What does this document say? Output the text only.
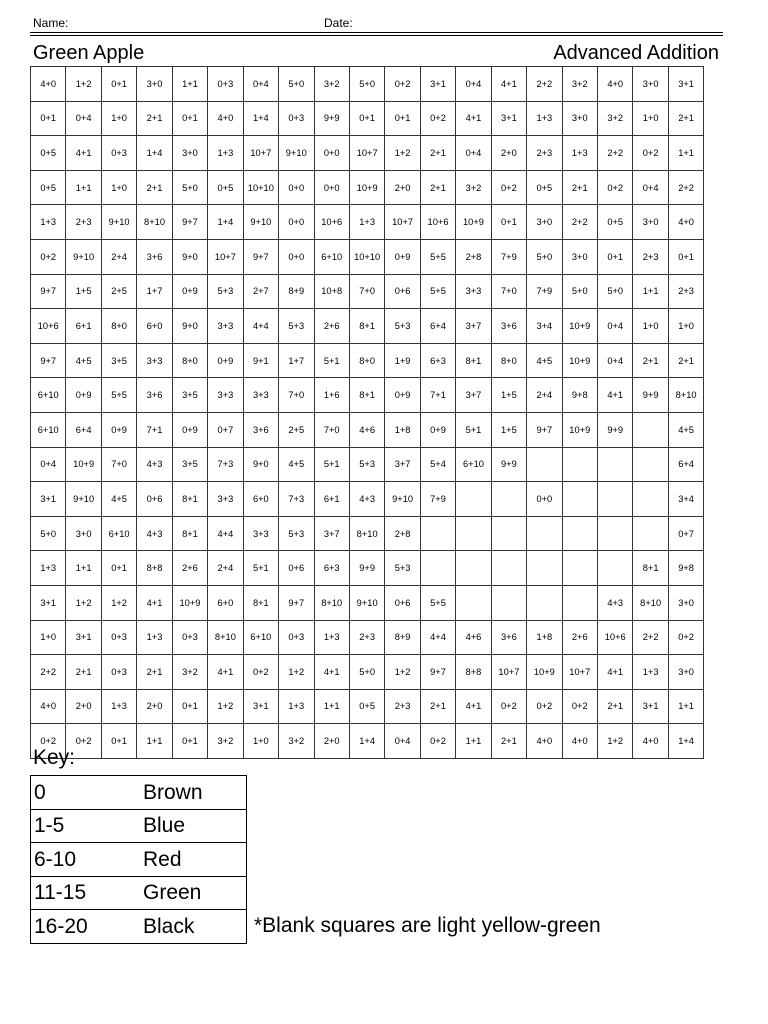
Name:	Date:
Green Apple	Advanced Addition
4+0	1+2	0+1	3+0	1+1	0+3	0+4	5+0	3+2	5+0	0+2	3+1	0+4	4+1	2+2	3+2	4+0	3+0	3+1
0+1	0+4	1+0	2+1	0+1	4+0	1+4	0+3	9+9	0+1	0+1	0+2	4+1	3+1	1+3	3+0	3+2	1+0	2+1
0+5	4+1	0+3	1+4	3+0	1+3	10+7	9+10	0+0	10+7	1+2	2+1	0+4	2+0	2+3	1+3	2+2	0+2	1+1
0+5	1+1	1+0	2+1	5+0	0+5	10+10	0+0	0+0	10+9	2+0	2+1	3+2	0+2	0+5	2+1	0+2	0+4	2+2
1+3	2+3	9+10	8+10	9+7	1+4	9+10	0+0	10+6	1+3	10+7	10+6	10+9	0+1	3+0	2+2	0+5	3+0	4+0
0+2	9+10	2+4	3+6	9+0	10+7	9+7	0+0	6+10	10+10	0+9	5+5	2+8	7+9	5+0	3+0	0+1	2+3	0+1
9+7	1+5	2+5	1+7	0+9	5+3	2+7	8+9	10+8	7+0	0+6	5+5	3+3	7+0	7+9	5+0	5+0	1+1	2+3
10+6	6+1	8+0	6+0	9+0	3+3	4+4	5+3	2+6	8+1	5+3	6+4	3+7	3+6	3+4	10+9	0+4	1+0	1+0
9+7	4+5	3+5	3+3	8+0	0+9	9+1	1+7	5+1	8+0	1+9	6+3	8+1	8+0	4+5	10+9	0+4	2+1	2+1
6+10	0+9	5+5	3+6	3+5	3+3	3+3	7+0	1+6	8+1	0+9	7+1	3+7	1+5	2+4	9+8	4+1	9+9	8+10
6+10	6+4	0+9	7+1	0+9	0+7	3+6	2+5	7+0	4+6	1+8	0+9	5+1	1+5	9+7	10+9	9+9		4+5
0+4	10+9	7+0	4+3	3+5	7+3	9+0	4+5	5+1	5+3	3+7	5+4	6+10	9+9					6+4
3+1	9+10	4+5	0+6	8+1	3+3	6+0	7+3	6+1	4+3	9+10	7+9			0+0				3+4
5+0	3+0	6+10	4+3	8+1	4+4	3+3	5+3	3+7	8+10	2+8								0+7
1+3	1+1	0+1	8+8	2+6	2+4	5+1	0+6	6+3	9+9	5+3							8+1	9+8
3+1	1+2	1+2	4+1	10+9	6+0	8+1	9+7	8+10	9+10	0+6	5+5					4+3	8+10	3+0
1+0	3+1	0+3	1+3	0+3	8+10	6+10	0+3	1+3	2+3	8+9	4+4	4+6	3+6	1+8	2+6	10+6	2+2	0+2
2+2	2+1	0+3	2+1	3+2	4+1	0+2	1+2	4+1	5+0	1+2	9+7	8+8	10+7	10+9	10+7	4+1	1+3	3+0
4+0	2+0	1+3	2+0	0+1	1+2	3+1	1+3	1+1	0+5	2+3	2+1	4+1	0+2	0+2	0+2	2+1	3+1	1+1
0+2	0+2	0+1	1+1	0+1	3+2	1+0	3+2	2+0	1+4	0+4	0+2	1+1	2+1	4+0	4+0	1+2	4+0	1+4
Key:
0	Brown
1-5	Blue
6-10	Red
11-15	Green
16-20	Black	*Blank squares are light yellow-green
